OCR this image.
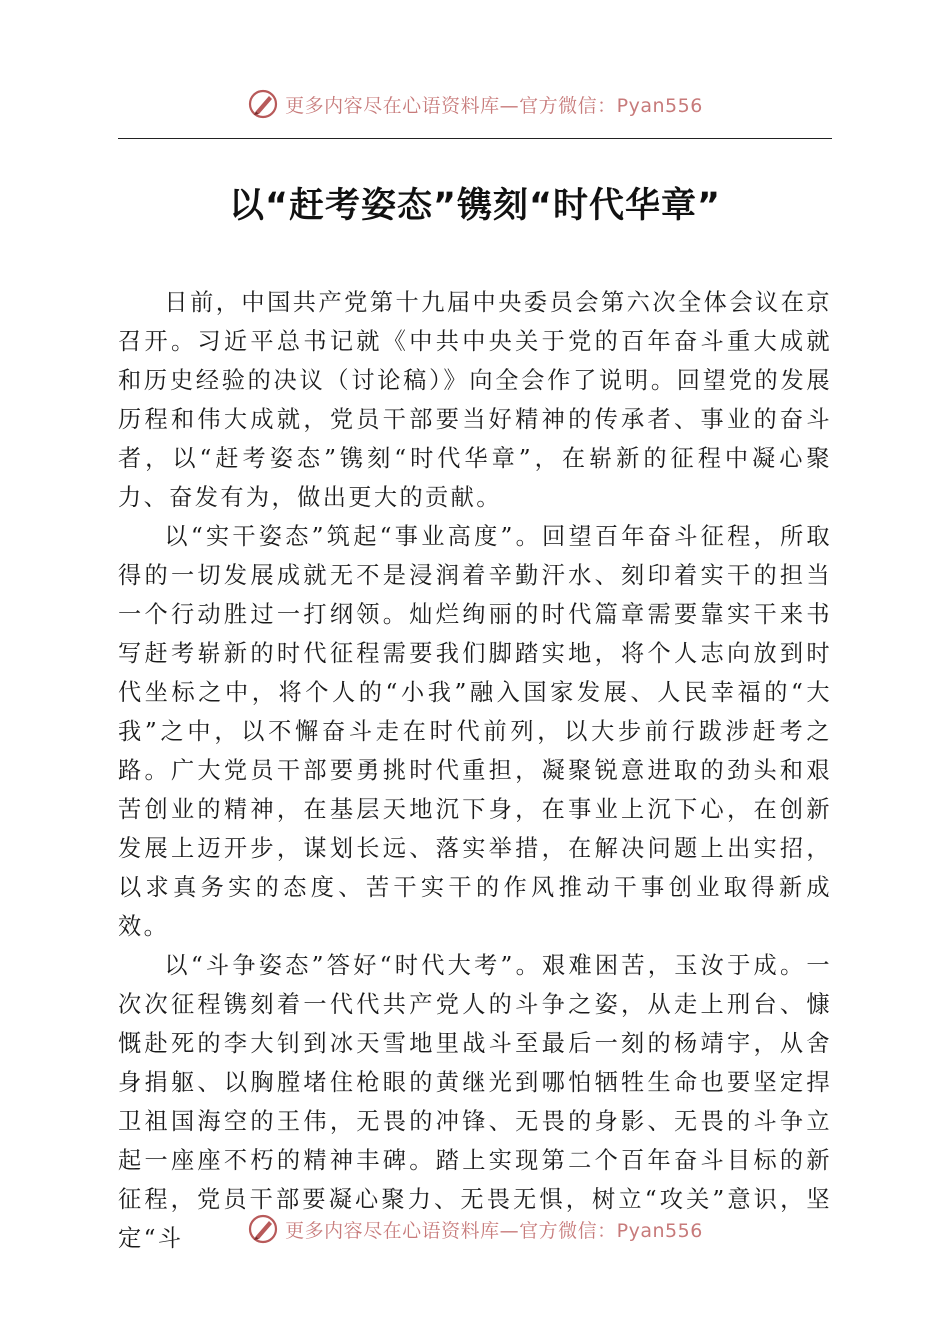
更多内容尽在心语资料库—官方微信：Pyan556
以“赶考姿态”镌刻“时代华章”

日前，中国共产党第十九届中央委员会第六次全体会议在京召开。习近平总书记就《中共中央关于党的百年奋斗重大成就和历史经验的决议（讨论稿）》向全会作了说明。回望党的发展历程和伟大成就，党员干部要当好精神的传承者、事业的奋斗者，以“赶考姿态”镌刻“时代华章”，在崭新的征程中凝心聚力、奋发有为，做出更大的贡献。

以“实干姿态”筑起“事业高度”。回望百年奋斗征程，所取得的一切发展成就无不是浸润着辛勤汗水、刻印着实干的担当一个行动胜过一打纲领。灿烂绚丽的时代篇章需要靠实干来书写赶考崭新的时代征程需要我们脚踏实地，将个人志向放到时代坐标之中，将个人的“小我”融入国家发展、人民幸福的“大我”之中，以不懈奋斗走在时代前列，以大步前行跋涉赶考之路。广大党员干部要勇挑时代重担，凝聚锐意进取的劲头和艰苦创业的精神，在基层天地沉下身，在事业上沉下心，在创新发展上迈开步，谋划长远、落实举措，在解决问题上出实招，以求真务实的态度、苦干实干的作风推动干事创业取得新成效。

以“斗争姿态”答好“时代大考”。艰难困苦，玉汝于成。一次次征程镌刻着一代代共产党人的斗争之姿，从走上刑台、慷慨赴死的李大钊到冰天雪地里战斗至最后一刻的杨靖宇，从舍身捐躯、以胸膛堵住枪眼的黄继光到哪怕牺牲生命也要坚定捍卫祖国海空的王伟，无畏的冲锋、无畏的身影、无畏的斗争立起一座座不朽的精神丰碑。踏上实现第二个百年奋斗目标的新征程，党员干部要凝心聚力、无畏无惧，树立“攻关”意识，坚定“斗	更多内容尽在心语资料库—官方微信：Pyan556
